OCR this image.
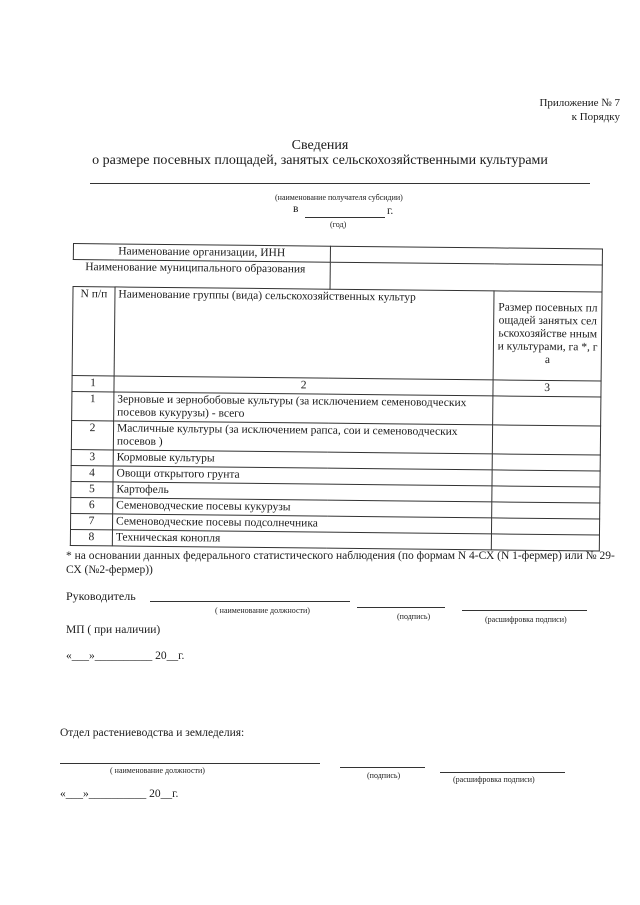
Приложение № 7
к Порядку
Сведения
о размере посевных площадей, занятых сельскохозяйственными культурами
(наименование получателя субсидии)
в	г.
(год)
Наименование организации, ИНН			
Наименование муниципального образования			
N п/п	Наименование группы (вида) сельскохозяйственных культур		Размер посевных площадей занятых сельскохозяйстве нными культурами, га *, га
1	2		3
1	Зерновые и зернобобовые культуры (за исключением семеноводческих посевов кукурузы) - всего		
2	Масличные культуры (за исключением рапса, сои и семеноводческих посевов )		
3	Кормовые культуры		
4	Овощи открытого грунта		
5	Картофель		
6	Семеноводческие посевы кукурузы		
7	Семеноводческие посевы подсолнечника		
8	Техническая конопля		
* на основании данных федерального статистического наблюдения (по формам N 4-СХ (N 1-фермер) или № 29-СХ (№2-фермер))
Руководитель
( наименование должности)
(подпись)	(расшифровка подписи)
МП ( при наличии)
«___»__________ 20__г.
Отдел растениеводства и земледелия:
( наименование должности)
(подпись)	(расшифровка подписи)
«___»__________ 20__г.
